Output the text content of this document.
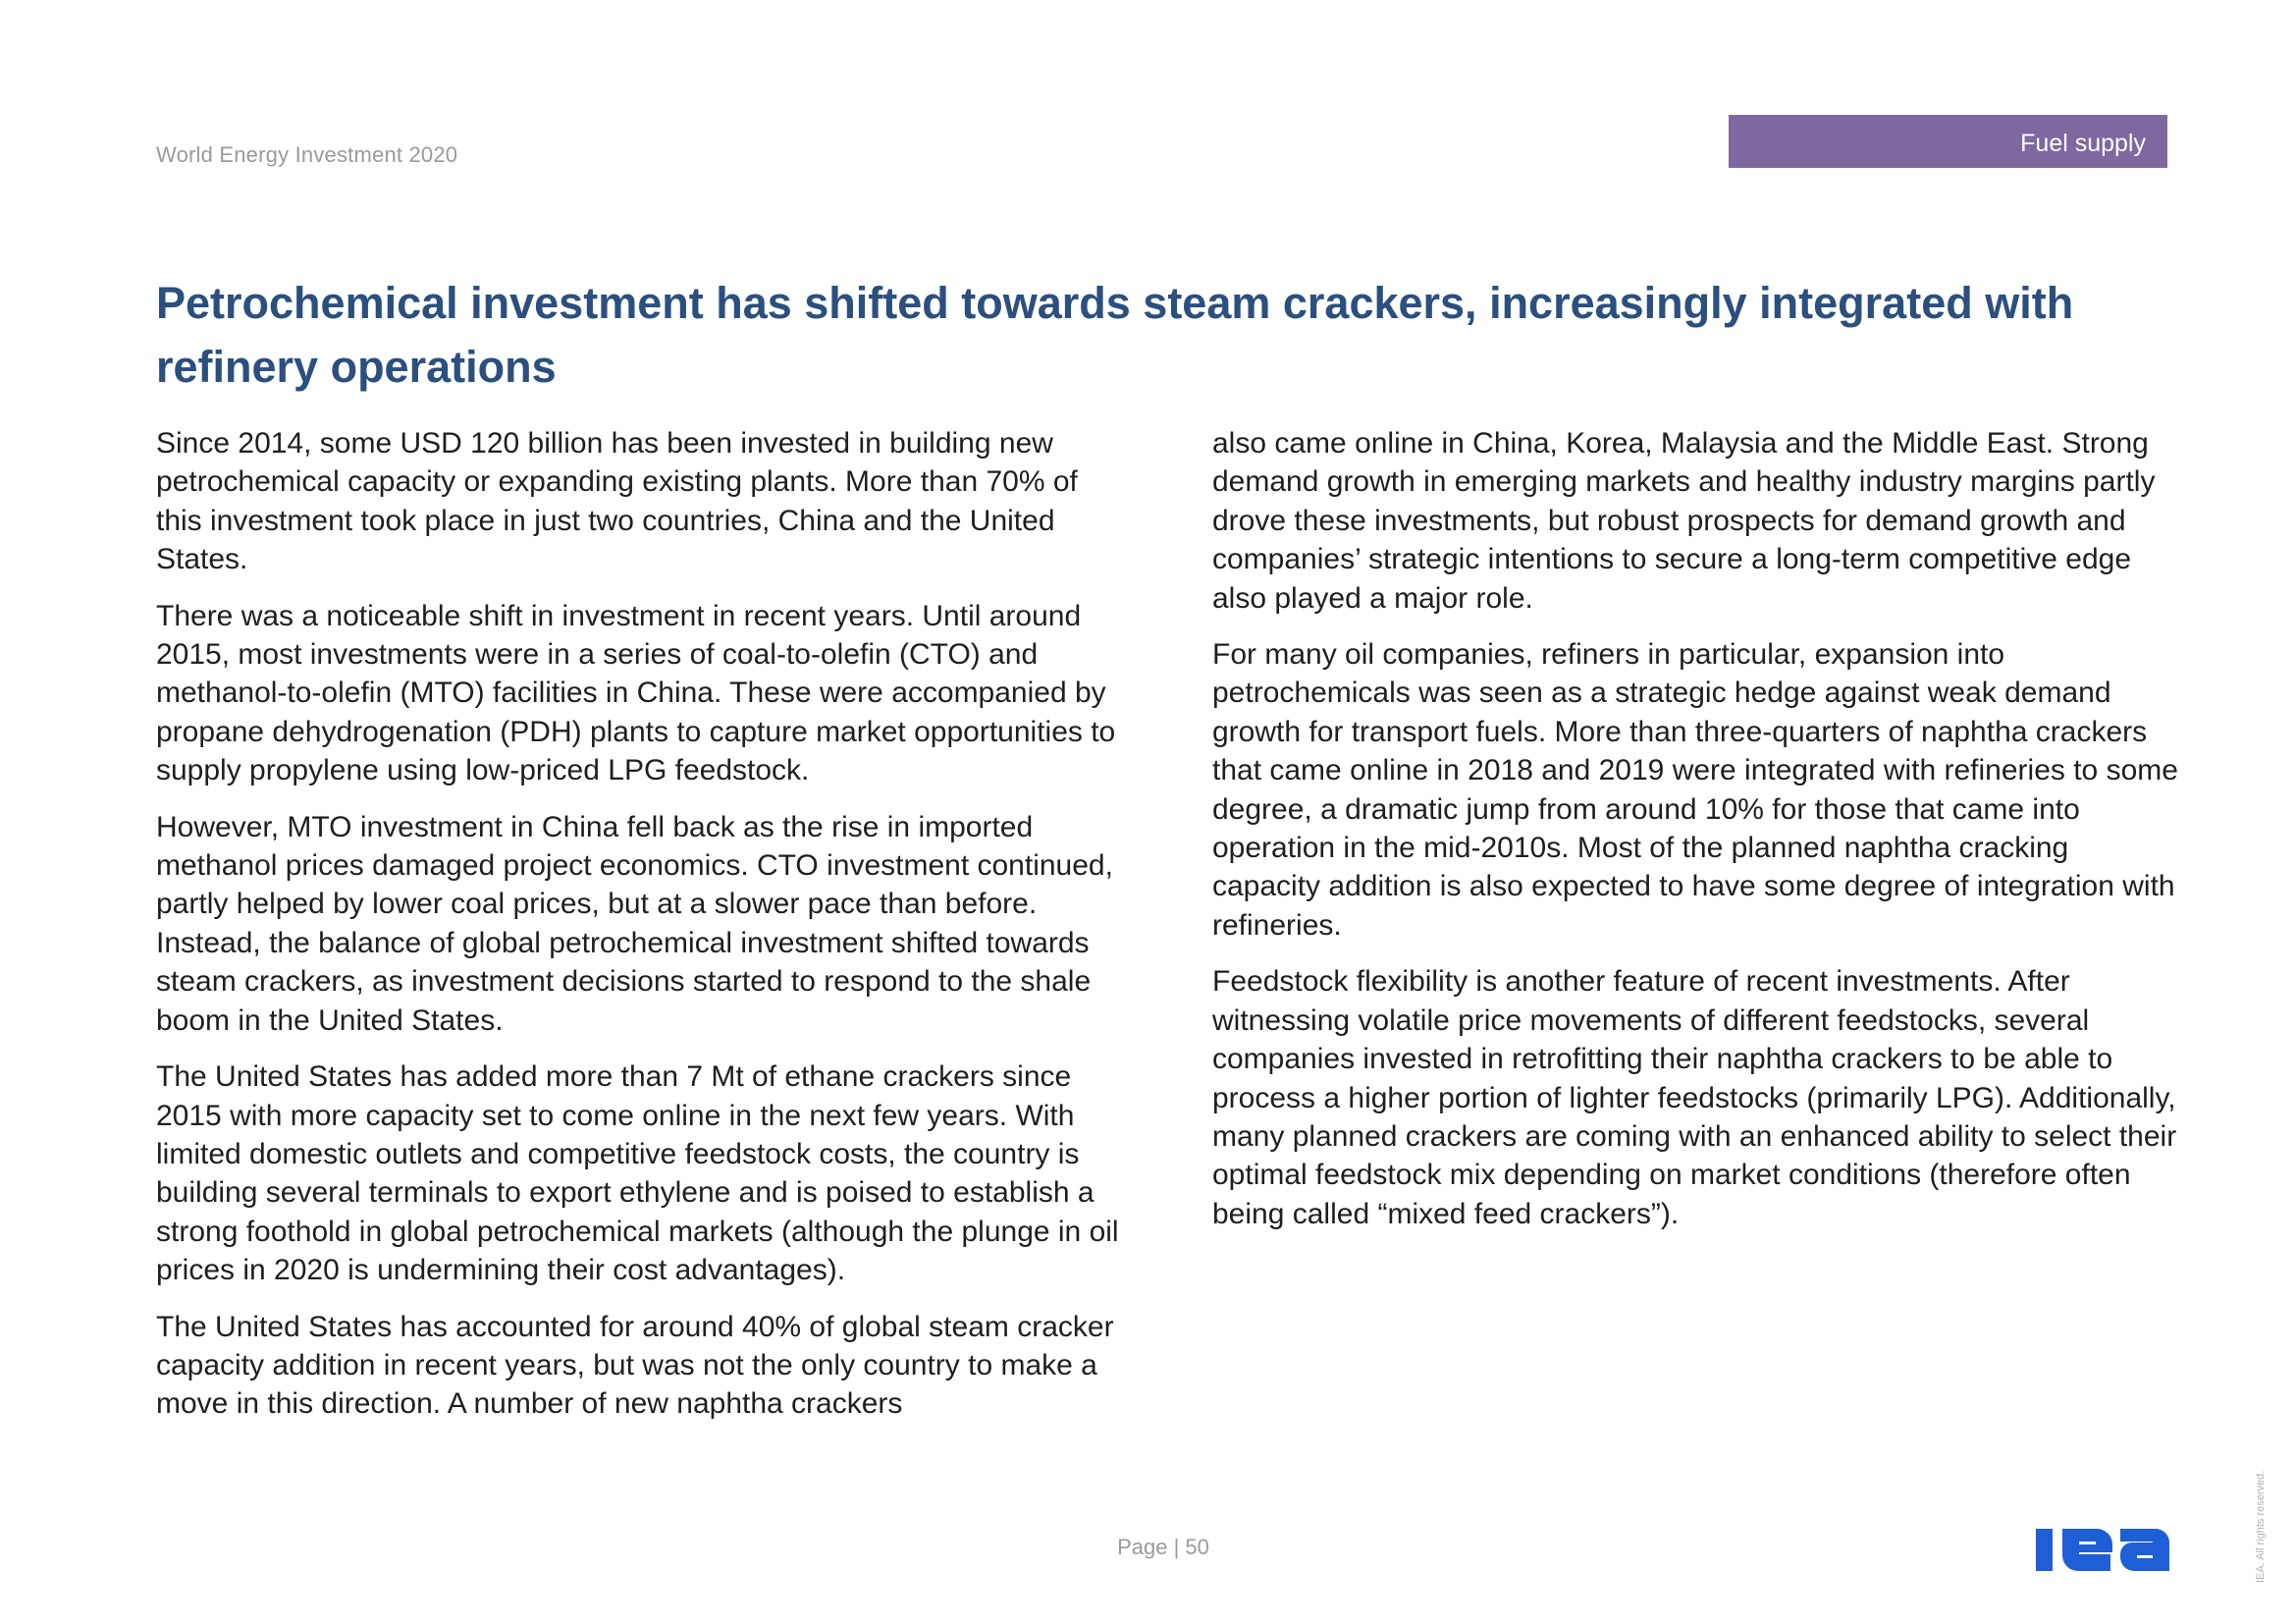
World Energy Investment 2020	Fuel supply
Petrochemical investment has shifted towards steam crackers, increasingly integrated with refinery operations

Since 2014, some USD 120 billion has been invested in building new petrochemical capacity or expanding existing plants. More than 70% of this investment took place in just two countries, China and the United States.

There was a noticeable shift in investment in recent years. Until around 2015, most investments were in a series of coal-to-olefin (CTO) and methanol-to-olefin (MTO) facilities in China. These were accompanied by propane dehydrogenation (PDH) plants to capture market opportunities to supply propylene using low-priced LPG feedstock.

However, MTO investment in China fell back as the rise in imported methanol prices damaged project economics. CTO investment continued, partly helped by lower coal prices, but at a slower pace than before. Instead, the balance of global petrochemical investment shifted towards steam crackers, as investment decisions started to respond to the shale boom in the United States.

The United States has added more than 7 Mt of ethane crackers since 2015 with more capacity set to come online in the next few years. With limited domestic outlets and competitive feedstock costs, the country is building several terminals to export ethylene and is poised to establish a strong foothold in global petrochemical markets (although the plunge in oil prices in 2020 is undermining their cost advantages).

The United States has accounted for around 40% of global steam cracker capacity addition in recent years, but was not the only country to make a move in this direction. A number of new naphtha crackers

also came online in China, Korea, Malaysia and the Middle East. Strong demand growth in emerging markets and healthy industry margins partly drove these investments, but robust prospects for demand growth and companies’ strategic intentions to secure a long-term competitive edge also played a major role.

For many oil companies, refiners in particular, expansion into petrochemicals was seen as a strategic hedge against weak demand growth for transport fuels. More than three-quarters of naphtha crackers that came online in 2018 and 2019 were integrated with refineries to some degree, a dramatic jump from around 10% for those that came into operation in the mid-2010s. Most of the planned naphtha cracking capacity addition is also expected to have some degree of integration with refineries.

Feedstock flexibility is another feature of recent investments. After witnessing volatile price movements of different feedstocks, several companies invested in retrofitting their naphtha crackers to be able to process a higher portion of lighter feedstocks (primarily LPG). Additionally, many planned crackers are coming with an enhanced ability to select their optimal feedstock mix depending on market conditions (therefore often being called “mixed feed crackers”).

Page | 50	IEA. All rights reserved.
